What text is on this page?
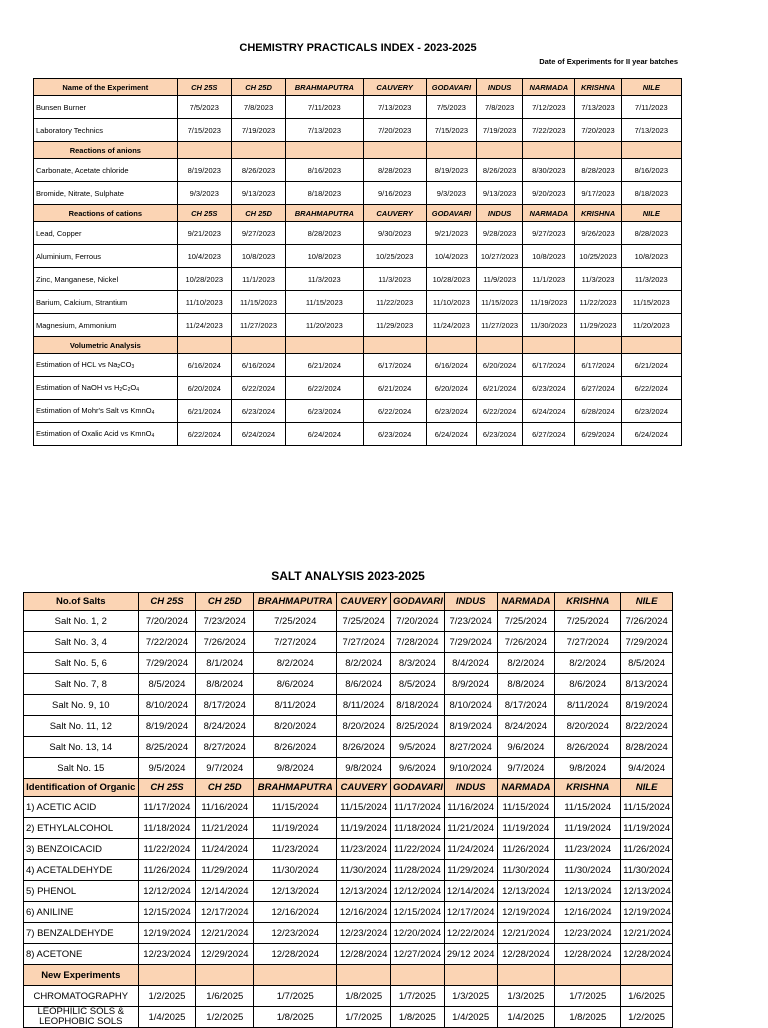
CHEMISTRY PRACTICALS INDEX - 2023-2025
Date of Experiments for II year batches
Name of the Experiment	CH 25S	CH 25D	BRAHMAPUTRA	CAUVERY	GODAVARI	INDUS	NARMADA	KRISHNA	NILE
Bunsen Burner	7/5/2023	7/8/2023	7/11/2023	7/13/2023	7/5/2023	7/8/2023	7/12/2023	7/13/2023	7/11/2023
Laboratory Technics	7/15/2023	7/19/2023	7/13/2023	7/20/2023	7/15/2023	7/19/2023	7/22/2023	7/20/2023	7/13/2023
Reactions of anions									
Carbonate, Acetate chloride	8/19/2023	8/26/2023	8/16/2023	8/28/2023	8/19/2023	8/26/2023	8/30/2023	8/28/2023	8/16/2023
Bromide, Nitrate, Sulphate	9/3/2023	9/13/2023	8/18/2023	9/16/2023	9/3/2023	9/13/2023	9/20/2023	9/17/2023	8/18/2023
Reactions of cations	CH 25S	CH 25D	BRAHMAPUTRA	CAUVERY	GODAVARI	INDUS	NARMADA	KRISHNA	NILE
Lead, Copper	9/21/2023	9/27/2023	8/28/2023	9/30/2023	9/21/2023	9/28/2023	9/27/2023	9/26/2023	8/28/2023
Aluminium, Ferrous	10/4/2023	10/8/2023	10/8/2023	10/25/2023	10/4/2023	10/27/2023	10/8/2023	10/25/2023	10/8/2023
Zinc, Manganese, Nickel	10/28/2023	11/1/2023	11/3/2023	11/3/2023	10/28/2023	11/9/2023	11/1/2023	11/3/2023	11/3/2023
Barium, Calcium, Strantium	11/10/2023	11/15/2023	11/15/2023	11/22/2023	11/10/2023	11/15/2023	11/19/2023	11/22/2023	11/15/2023
Magnesium, Ammonium	11/24/2023	11/27/2023	11/20/2023	11/29/2023	11/24/2023	11/27/2023	11/30/2023	11/29/2023	11/20/2023
Volumetric Analysis									
Estimation of HCL vs $Na_2CO_3$	6/16/2024	6/16/2024	6/21/2024	6/17/2024	6/16/2024	6/20/2024	6/17/2024	6/17/2024	6/21/2024
Estimation of NaOH vs $H_2C_2O_4$	6/20/2024	6/22/2024	6/22/2024	6/21/2024	6/20/2024	6/21/2024	6/23/2024	6/27/2024	6/22/2024
Estimation of Mohr's Salt vs KmnO$_4$	6/21/2024	6/23/2024	6/23/2024	6/22/2024	6/23/2024	6/22/2024	6/24/2024	6/28/2024	6/23/2024
Estimation of Oxalic Acid vs KmnO$_4$	6/22/2024	6/24/2024	6/24/2024	6/23/2024	6/24/2024	6/23/2024	6/27/2024	6/29/2024	6/24/2024
SALT ANALYSIS 2023-2025
No.of Salts	CH 25S	CH 25D	BRAHMAPUTRA	CAUVERY	GODAVARI	INDUS	NARMADA	KRISHNA	NILE
Salt No. 1, 2	7/20/2024	7/23/2024	7/25/2024	7/25/2024	7/20/2024	7/23/2024	7/25/2024	7/25/2024	7/26/2024
Salt No. 3, 4	7/22/2024	7/26/2024	7/27/2024	7/27/2024	7/28/2024	7/29/2024	7/26/2024	7/27/2024	7/29/2024
Salt No. 5, 6	7/29/2024	8/1/2024	8/2/2024	8/2/2024	8/3/2024	8/4/2024	8/2/2024	8/2/2024	8/5/2024
Salt No. 7, 8	8/5/2024	8/8/2024	8/6/2024	8/6/2024	8/5/2024	8/9/2024	8/8/2024	8/6/2024	8/13/2024
Salt No. 9, 10	8/10/2024	8/17/2024	8/11/2024	8/11/2024	8/18/2024	8/10/2024	8/17/2024	8/11/2024	8/19/2024
Salt No. 11, 12	8/19/2024	8/24/2024	8/20/2024	8/20/2024	8/25/2024	8/19/2024	8/24/2024	8/20/2024	8/22/2024
Salt No. 13, 14	8/25/2024	8/27/2024	8/26/2024	8/26/2024	9/5/2024	8/27/2024	9/6/2024	8/26/2024	8/28/2024
Salt No. 15	9/5/2024	9/7/2024	9/8/2024	9/8/2024	9/6/2024	9/10/2024	9/7/2024	9/8/2024	9/4/2024
Identification of Organic	CH 25S	CH 25D	BRAHMAPUTRA	CAUVERY	GODAVARI	INDUS	NARMADA	KRISHNA	NILE
1) ACETIC ACID	11/17/2024	11/16/2024	11/15/2024	11/15/2024	11/17/2024	11/16/2024	11/15/2024	11/15/2024	11/15/2024
2) ETHYLALCOHOL	11/18/2024	11/21/2024	11/19/2024	11/19/2024	11/18/2024	11/21/2024	11/19/2024	11/19/2024	11/19/2024
3) BENZOICACID	11/22/2024	11/24/2024	11/23/2024	11/23/2024	11/22/2024	11/24/2024	11/26/2024	11/23/2024	11/26/2024
4) ACETALDEHYDE	11/26/2024	11/29/2024	11/30/2024	11/30/2024	11/28/2024	11/29/2024	11/30/2024	11/30/2024	11/30/2024
5) PHENOL	12/12/2024	12/14/2024	12/13/2024	12/13/2024	12/12/2024	12/14/2024	12/13/2024	12/13/2024	12/13/2024
6) ANILINE	12/15/2024	12/17/2024	12/16/2024	12/16/2024	12/15/2024	12/17/2024	12/19/2024	12/16/2024	12/19/2024
7) BENZALDEHYDE	12/19/2024	12/21/2024	12/23/2024	12/23/2024	12/20/2024	12/22/2024	12/21/2024	12/23/2024	12/21/2024
8) ACETONE	12/23/2024	12/29/2024	12/28/2024	12/28/2024	12/27/2024	29/12 2024	12/28/2024	12/28/2024	12/28/2024
New Experiments									
CHROMATOGRAPHY	1/2/2025	1/6/2025	1/7/2025	1/8/2025	1/7/2025	1/3/2025	1/3/2025	1/7/2025	1/6/2025
LEOPHILIC SOLS & LEOPHOBIC SOLS	1/4/2025	1/2/2025	1/8/2025	1/7/2025	1/8/2025	1/4/2025	1/4/2025	1/8/2025	1/2/2025
